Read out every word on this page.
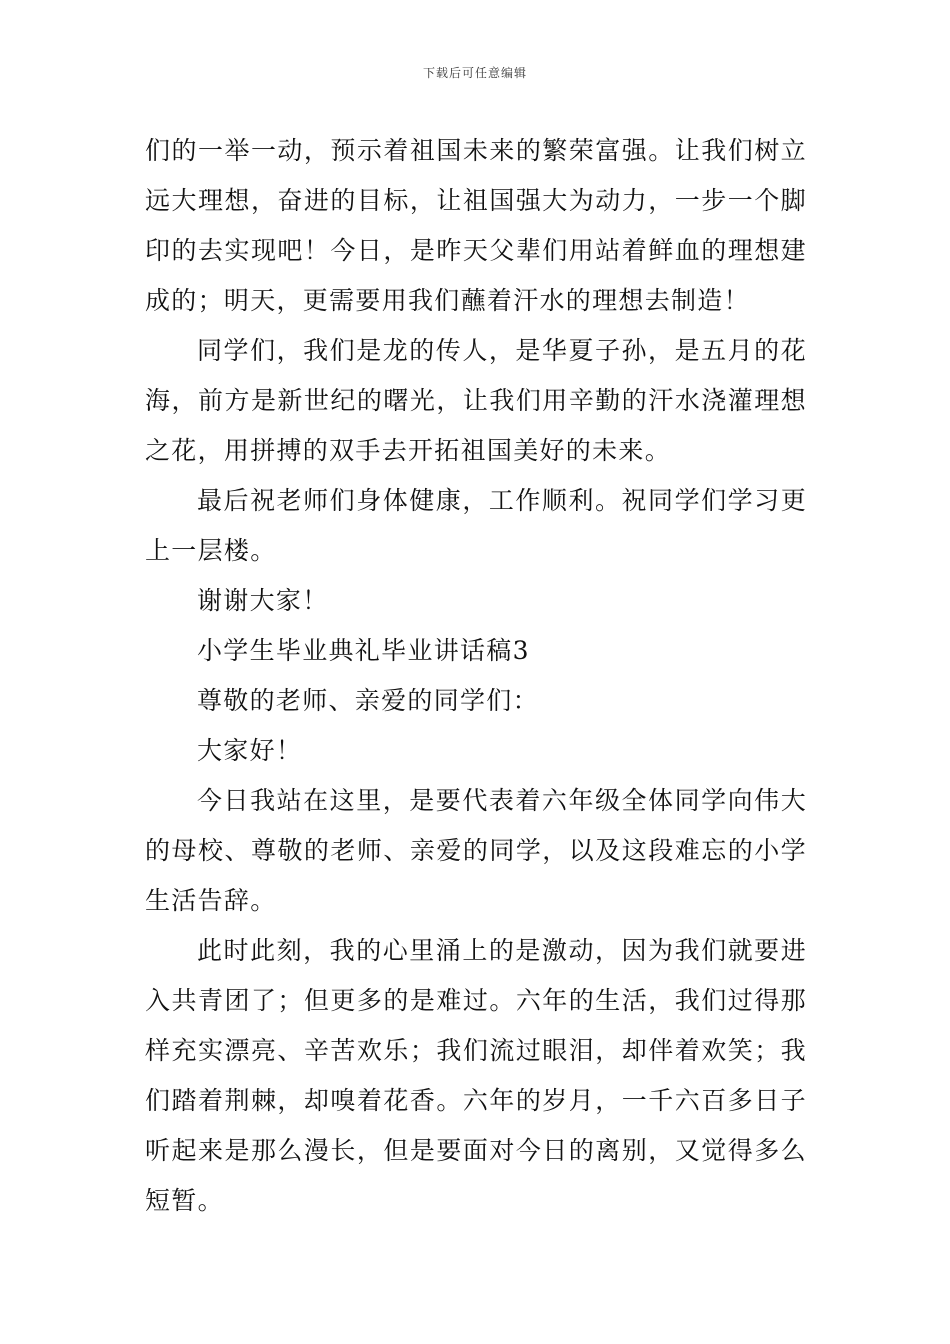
下载后可任意编辑

们的一举一动，预示着祖国未来的繁荣富强。让我们树立远大理想，奋进的目标，让祖国强大为动力，一步一个脚印的去实现吧！今日，是昨天父辈们用站着鲜血的理想建成的；明天，更需要用我们蘸着汗水的理想去制造！

同学们，我们是龙的传人，是华夏子孙，是五月的花海，前方是新世纪的曙光，让我们用辛勤的汗水浇灌理想之花，用拼搏的双手去开拓祖国美好的未来。

最后祝老师们身体健康，工作顺利。祝同学们学习更上一层楼。

谢谢大家！

小学生毕业典礼毕业讲话稿3

尊敬的老师、亲爱的同学们：

大家好！

今日我站在这里，是要代表着六年级全体同学向伟大的母校、尊敬的老师、亲爱的同学，以及这段难忘的小学生活告辞。

此时此刻，我的心里涌上的是激动，因为我们就要进入共青团了；但更多的是难过。六年的生活，我们过得那样充实漂亮、辛苦欢乐；我们流过眼泪，却伴着欢笑；我们踏着荆棘，却嗅着花香。六年的岁月，一千六百多日子听起来是那么漫长，但是要面对今日的离别，又觉得多么短暂。
